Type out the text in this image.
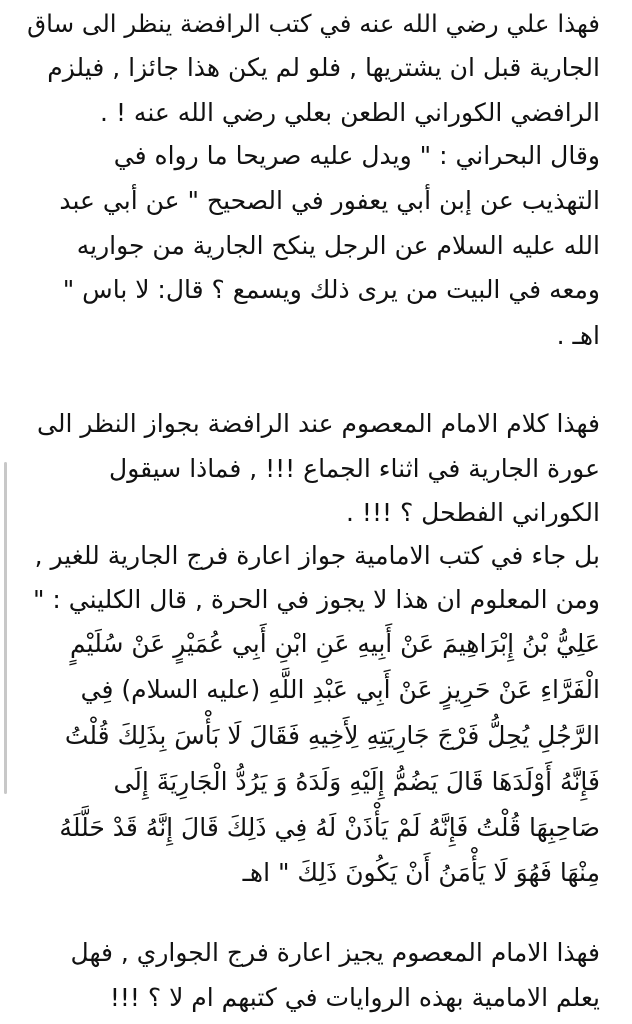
فهذا علي رضي الله عنه في كتب الرافضة ينظر الى ساق
الجارية قبل ان يشتريها , فلو لم يكن هذا جائزا , فيلزم
الرافضي الكوراني الطعن بعلي رضي الله عنه ! .
وقال البحراني : " ويدل عليه صريحا ما رواه في
التهذيب عن إبن أبي يعفور في الصحيح " عن أبي عبد
الله عليه السلام عن الرجل ينكح الجارية من جواريه
ومعه في البيت من يرى ذلك ويسمع ؟ قال: لا باس "
اهـ .
فهذا كلام الامام المعصوم عند الرافضة بجواز النظر الى
عورة الجارية في اثناء الجماع !!! , فماذا سيقول
الكوراني الفطحل ؟ !!! .
بل جاء في كتب الامامية جواز اعارة فرج الجارية للغير ,
ومن المعلوم ان هذا لا يجوز في الحرة , قال الكليني : "
عَلِيُّ بْنُ إِبْرَاهِيمَ عَنْ أَبِيهِ عَنِ ابْنِ أَبِي عُمَيْرٍ عَنْ سُلَيْمٍ
الْفَرَّاءِ عَنْ حَرِيزٍ عَنْ أَبِي عَبْدِ اللَّهِ (عليه السلام) فِي
الرَّجُلِ يُحِلُّ فَرْجَ جَارِيَتِهِ لِأَخِيهِ فَقَالَ لَا بَأْسَ بِذَلِكَ قُلْتُ
فَإِنَّهُ أَوْلَدَهَا قَالَ يَضُمُّ إِلَيْهِ وَلَدَهُ وَ يَرُدُّ الْجَارِيَةَ إِلَى
صَاحِبِهَا قُلْتُ فَإِنَّهُ لَمْ يَأْذَنْ لَهُ فِي ذَلِكَ قَالَ إِنَّهُ قَدْ حَلَّلَهُ
مِنْهَا فَهُوَ لَا يَأْمَنُ أَنْ يَكُونَ ذَلِكَ " اهـ
فهذا الامام المعصوم يجيز اعارة فرج الجواري , فهل
يعلم الامامية بهذه الروايات في كتبهم ام لا ؟ !!!
